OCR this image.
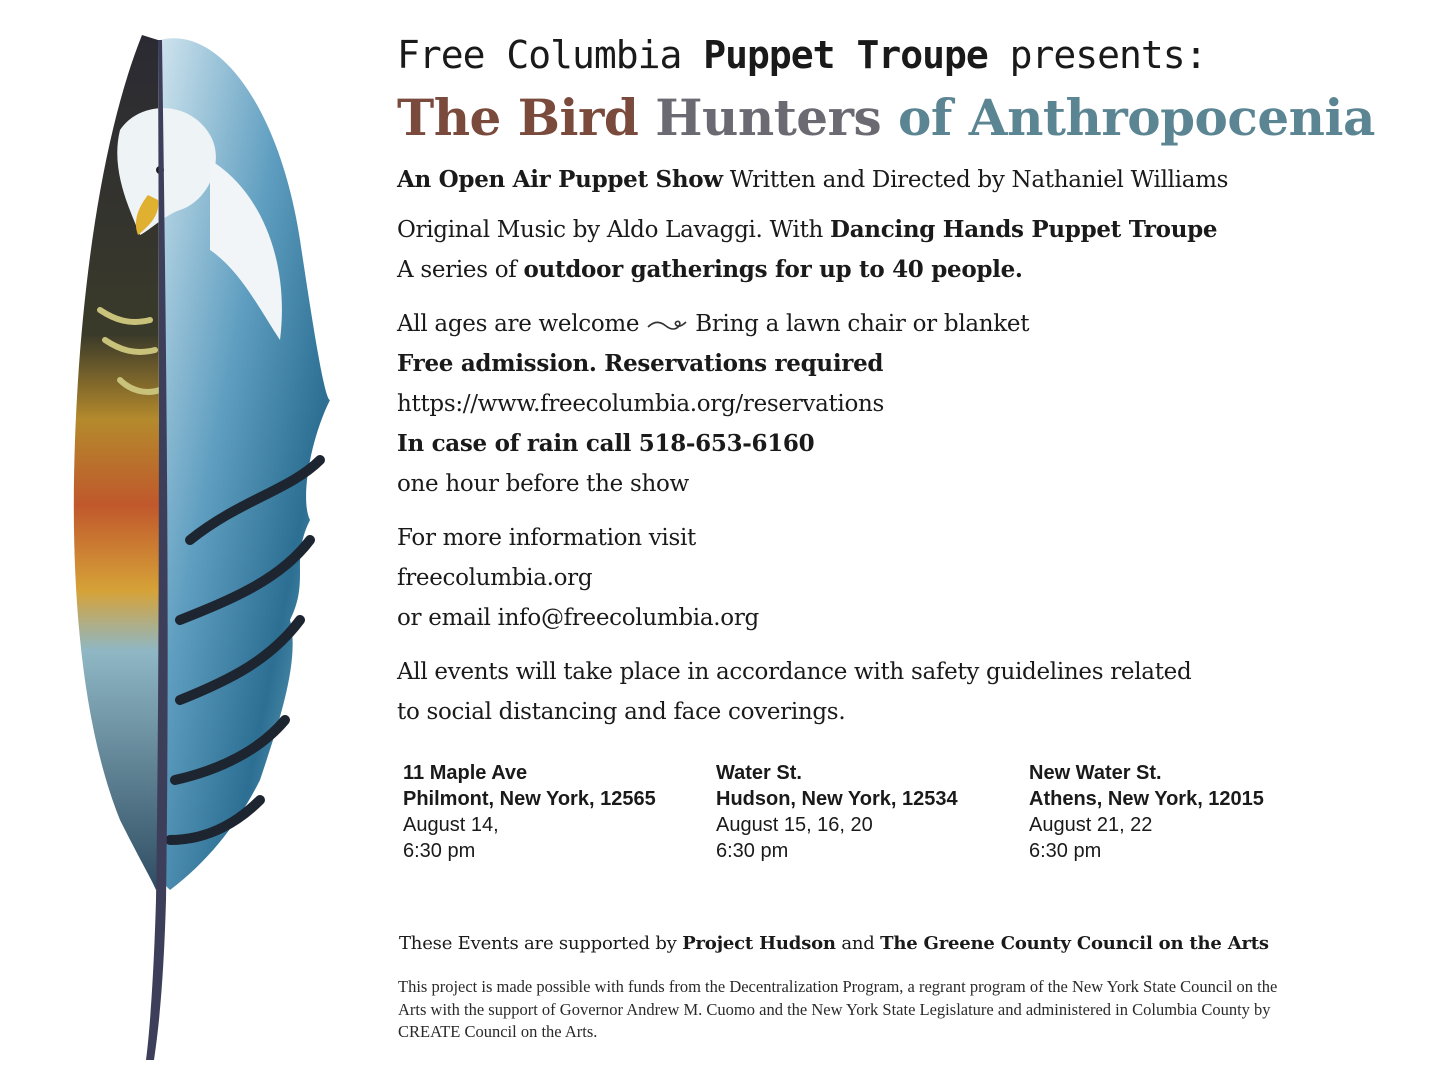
Free Columbia Puppet Troupe presents:

The Bird Hunters of Anthropocenia

An Open Air Puppet Show Written and Directed by Nathaniel Williams

Original Music by Aldo Lavaggi. With Dancing Hands Puppet Troupe

A series of outdoor gatherings for up to 40 people.

All ages are welcome Bring a lawn chair or blanket

Free admission. Reservations required

https://www.freecolumbia.org/reservations

In case of rain call 518-653-6160

one hour before the show

For more information visit

freecolumbia.org

or email info@freecolumbia.org

All events will take place in accordance with safety guidelines related

to social distancing and face coverings.

11 Maple Ave
Philmont, New York, 12565
August 14,
6:30 pm
Water St.
Hudson, New York, 12534
August 15, 16, 20
6:30 pm
New Water St.
Athens, New York, 12015
August 21, 22
6:30 pm
These Events are supported by Project Hudson and The Greene County Council on the Arts
This project is made possible with funds from the Decentralization Program, a regrant program of the New York State Council on the Arts with the support of Governor Andrew M. Cuomo and the New York State Legislature and administered in Columbia County by CREATE Council on the Arts.
